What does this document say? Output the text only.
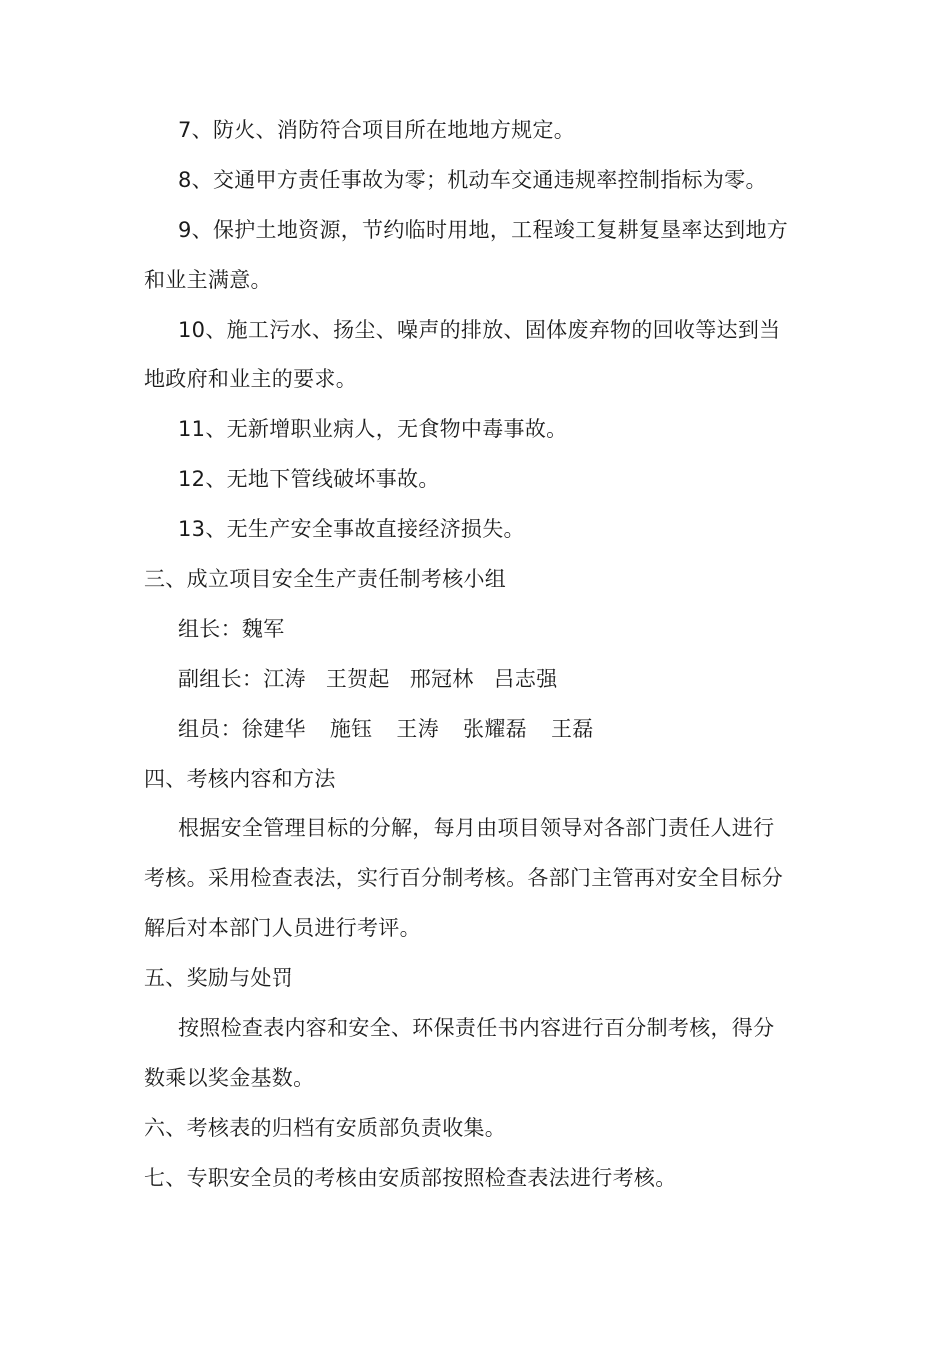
7、防火、消防符合项目所在地地方规定。
8、交通甲方责任事故为零；机动车交通违规率控制指标为零。
9、保护土地资源，节约临时用地，工程竣工复耕复垦率达到地方
和业主满意。
10、施工污水、扬尘、噪声的排放、固体废弃物的回收等达到当
地政府和业主的要求。
11、无新增职业病人，无食物中毒事故。
12、无地下管线破坏事故。
13、无生产安全事故直接经济损失。
三、成立项目安全生产责任制考核小组
组长：魏军
副组长：江涛 王贺起 邢冠林 吕志强
组员：徐建华 施钰 王涛 张耀磊 王磊
四、考核内容和方法
根据安全管理目标的分解，每月由项目领导对各部门责任人进行
考核。采用检查表法，实行百分制考核。各部门主管再对安全目标分
解后对本部门人员进行考评。
五、奖励与处罚
按照检查表内容和安全、环保责任书内容进行百分制考核，得分
数乘以奖金基数。
六、考核表的归档有安质部负责收集。
七、专职安全员的考核由安质部按照检查表法进行考核。
